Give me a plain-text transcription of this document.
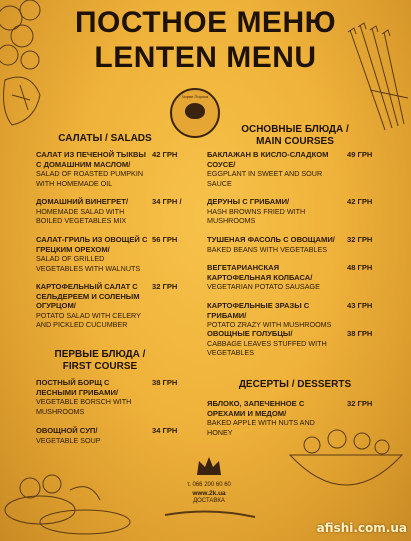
ПОСТНОЕ МЕНЮ
LENTEN MENU
Чорне Порося
САЛАТЫ / SALADS
САЛАТ ИЗ ПЕЧЕНОЙ ТЫКВЫ С ДОМАШНИМ МАСЛОМ/
SALAD OF ROASTED PUMPKIN WITH HOMEMADE OIL
42 ГРН
ДОМАШНИЙ ВИНЕГРЕТ/
HOMEMADE SALAD WITH BOILED VEGETABLES MIX
34 ГРН /
САЛАТ-ГРИЛЬ ИЗ ОВОЩЕЙ С ГРЕЦКИМ ОРЕХОМ/
SALAD OF GRILLED VEGETABLES WITH WALNUTS
56 ГРН
КАРТОФЕЛЬНЫЙ САЛАТ С СЕЛЬДЕРЕЕМ И СОЛЕНЫМ ОГУРЦОМ/
POTATO SALAD WITH CELERY AND PICKLED CUCUMBER
32 ГРН
ПЕРВЫЕ БЛЮДА /
FIRST COURSE
ПОСТНЫЙ БОРЩ С ЛЕСНЫМИ ГРИБАМИ/
VEGETABLE BORSCH WITH MUSHROOMS
38 ГРН
ОВОЩНОЙ СУП/
VEGETABLE SOUP
34 ГРН
ОСНОВНЫЕ БЛЮДА /
MAIN COURSES
БАКЛАЖАН В КИСЛО-СЛАДКОМ СОУСЕ/
EGGPLANT IN SWEET AND SOUR SAUCE
49 ГРН
ДЕРУНЫ С ГРИБАМИ/
HASH BROWNS FRIED WITH MUSHROOMS
42 ГРН
ТУШЕНАЯ ФАСОЛЬ С ОВОЩАМИ/
BAKED BEANS WITH VEGETABLES
32 ГРН
ВЕГЕТАРИАНСКАЯ КАРТОФЕЛЬНАЯ КОЛБАСА/
VEGETARIAN POTATO SAUSAGE
48 ГРН
КАРТОФЕЛЬНЫЕ ЗРАЗЫ С ГРИБАМИ/
POTATO ZRAZY WITH MUSHROOMS
43 ГРН
ОВОЩНЫЕ ГОЛУБЦЫ/
CABBAGE LEAVES STUFFED WITH VEGETABLES
38 ГРН
ДЕСЕРТЫ / DESSERTS
ЯБЛОКО, ЗАПЕЧЕННОЕ С ОРЕХАМИ И МЕДОМ/
BAKED APPLE WITH NUTS AND HONEY
32 ГРН
т. 066 200 60 60
www.2k.ua
ДОСТАВКА
afishi.com.ua
